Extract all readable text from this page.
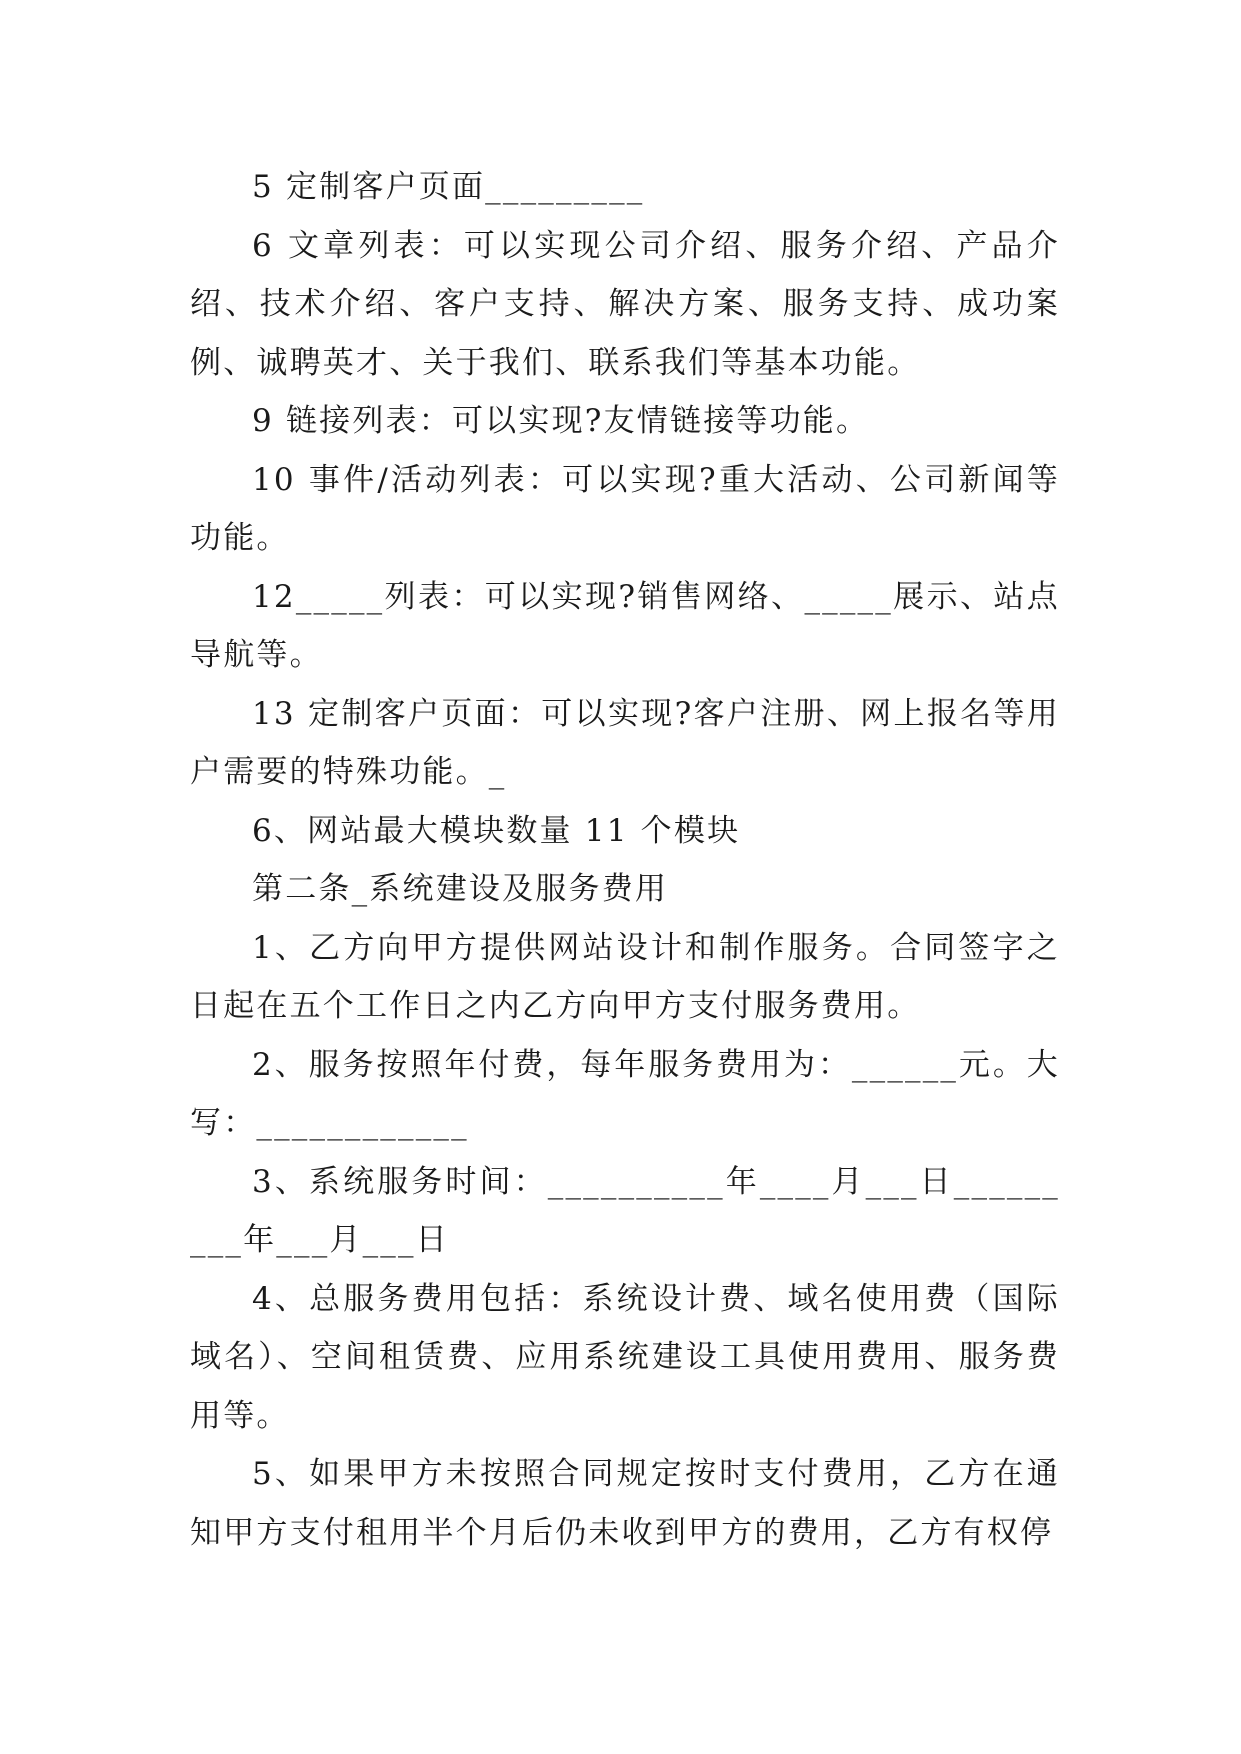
5 定制客户页面_________

6 文章列表：可以实现公司介绍、服务介绍、产品介绍、技术介绍、客户支持、解决方案、服务支持、成功案例、诚聘英才、关于我们、联系我们等基本功能。

9 链接列表：可以实现?友情链接等功能。

10 事件/活动列表：可以实现?重大活动、公司新闻等功能。

12_____列表：可以实现?销售网络、_____展示、站点导航等。

13 定制客户页面：可以实现?客户注册、网上报名等用户需要的特殊功能。_

6、网站最大模块数量 11 个模块

第二条_系统建设及服务费用

1、乙方向甲方提供网站设计和制作服务。合同签字之日起在五个工作日之内乙方向甲方支付服务费用。

2、服务按照年付费，每年服务费用为：______元。大写：____________

3、系统服务时间：__________年____月___日_________年___月___日

4、总服务费用包括：系统设计费、域名使用费（国际域名）、空间租赁费、应用系统建设工具使用费用、服务费用等。

5、如果甲方未按照合同规定按时支付费用，乙方在通知甲方支付租用半个月后仍未收到甲方的费用，乙方有权停
